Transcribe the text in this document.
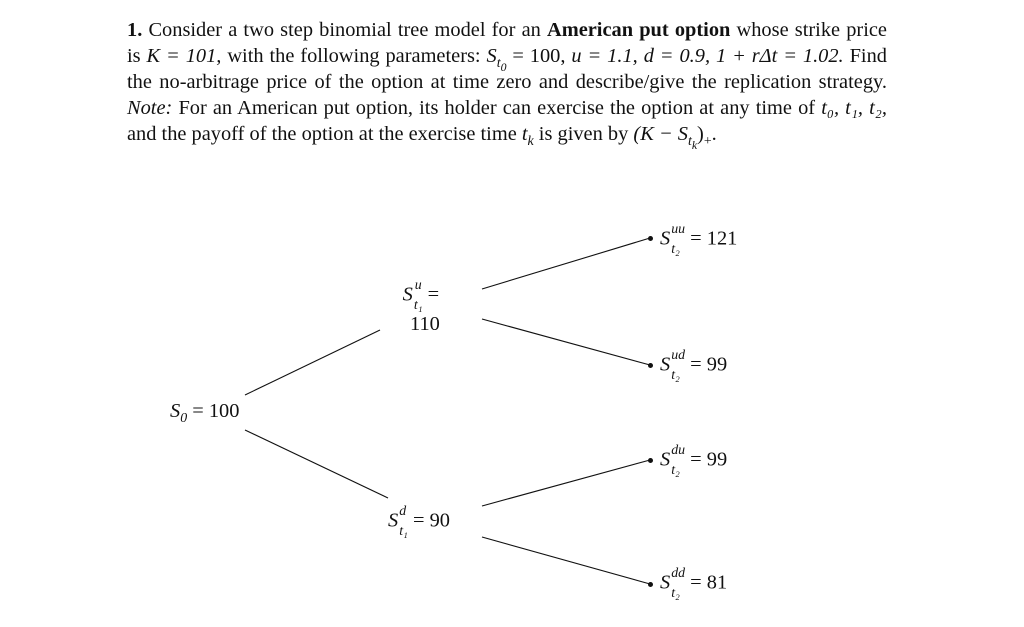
1. Consider a two step binomial tree model for an American put option whose strike price is K = 101, with the following parameters: $S_{t_0} = 100$, u = 1.1, d = 0.9, 1 + rΔt = 1.02. Find the no-arbitrage price of the option at time zero and describe/give the replication strategy. Note: For an American put option, its holder can exercise the option at any time of t₀, t₁, t₂, and the payoff of the option at the exercise time $t_k$ is given by $(K - S_{t_k})_+$.
$S_0 = 100$
S u
t₁ =
110
S d
t₁ = 90
S uu
t₂ = 121
S ud
t₂ = 99
S du
t₂ = 99
S dd
t₂ = 81
